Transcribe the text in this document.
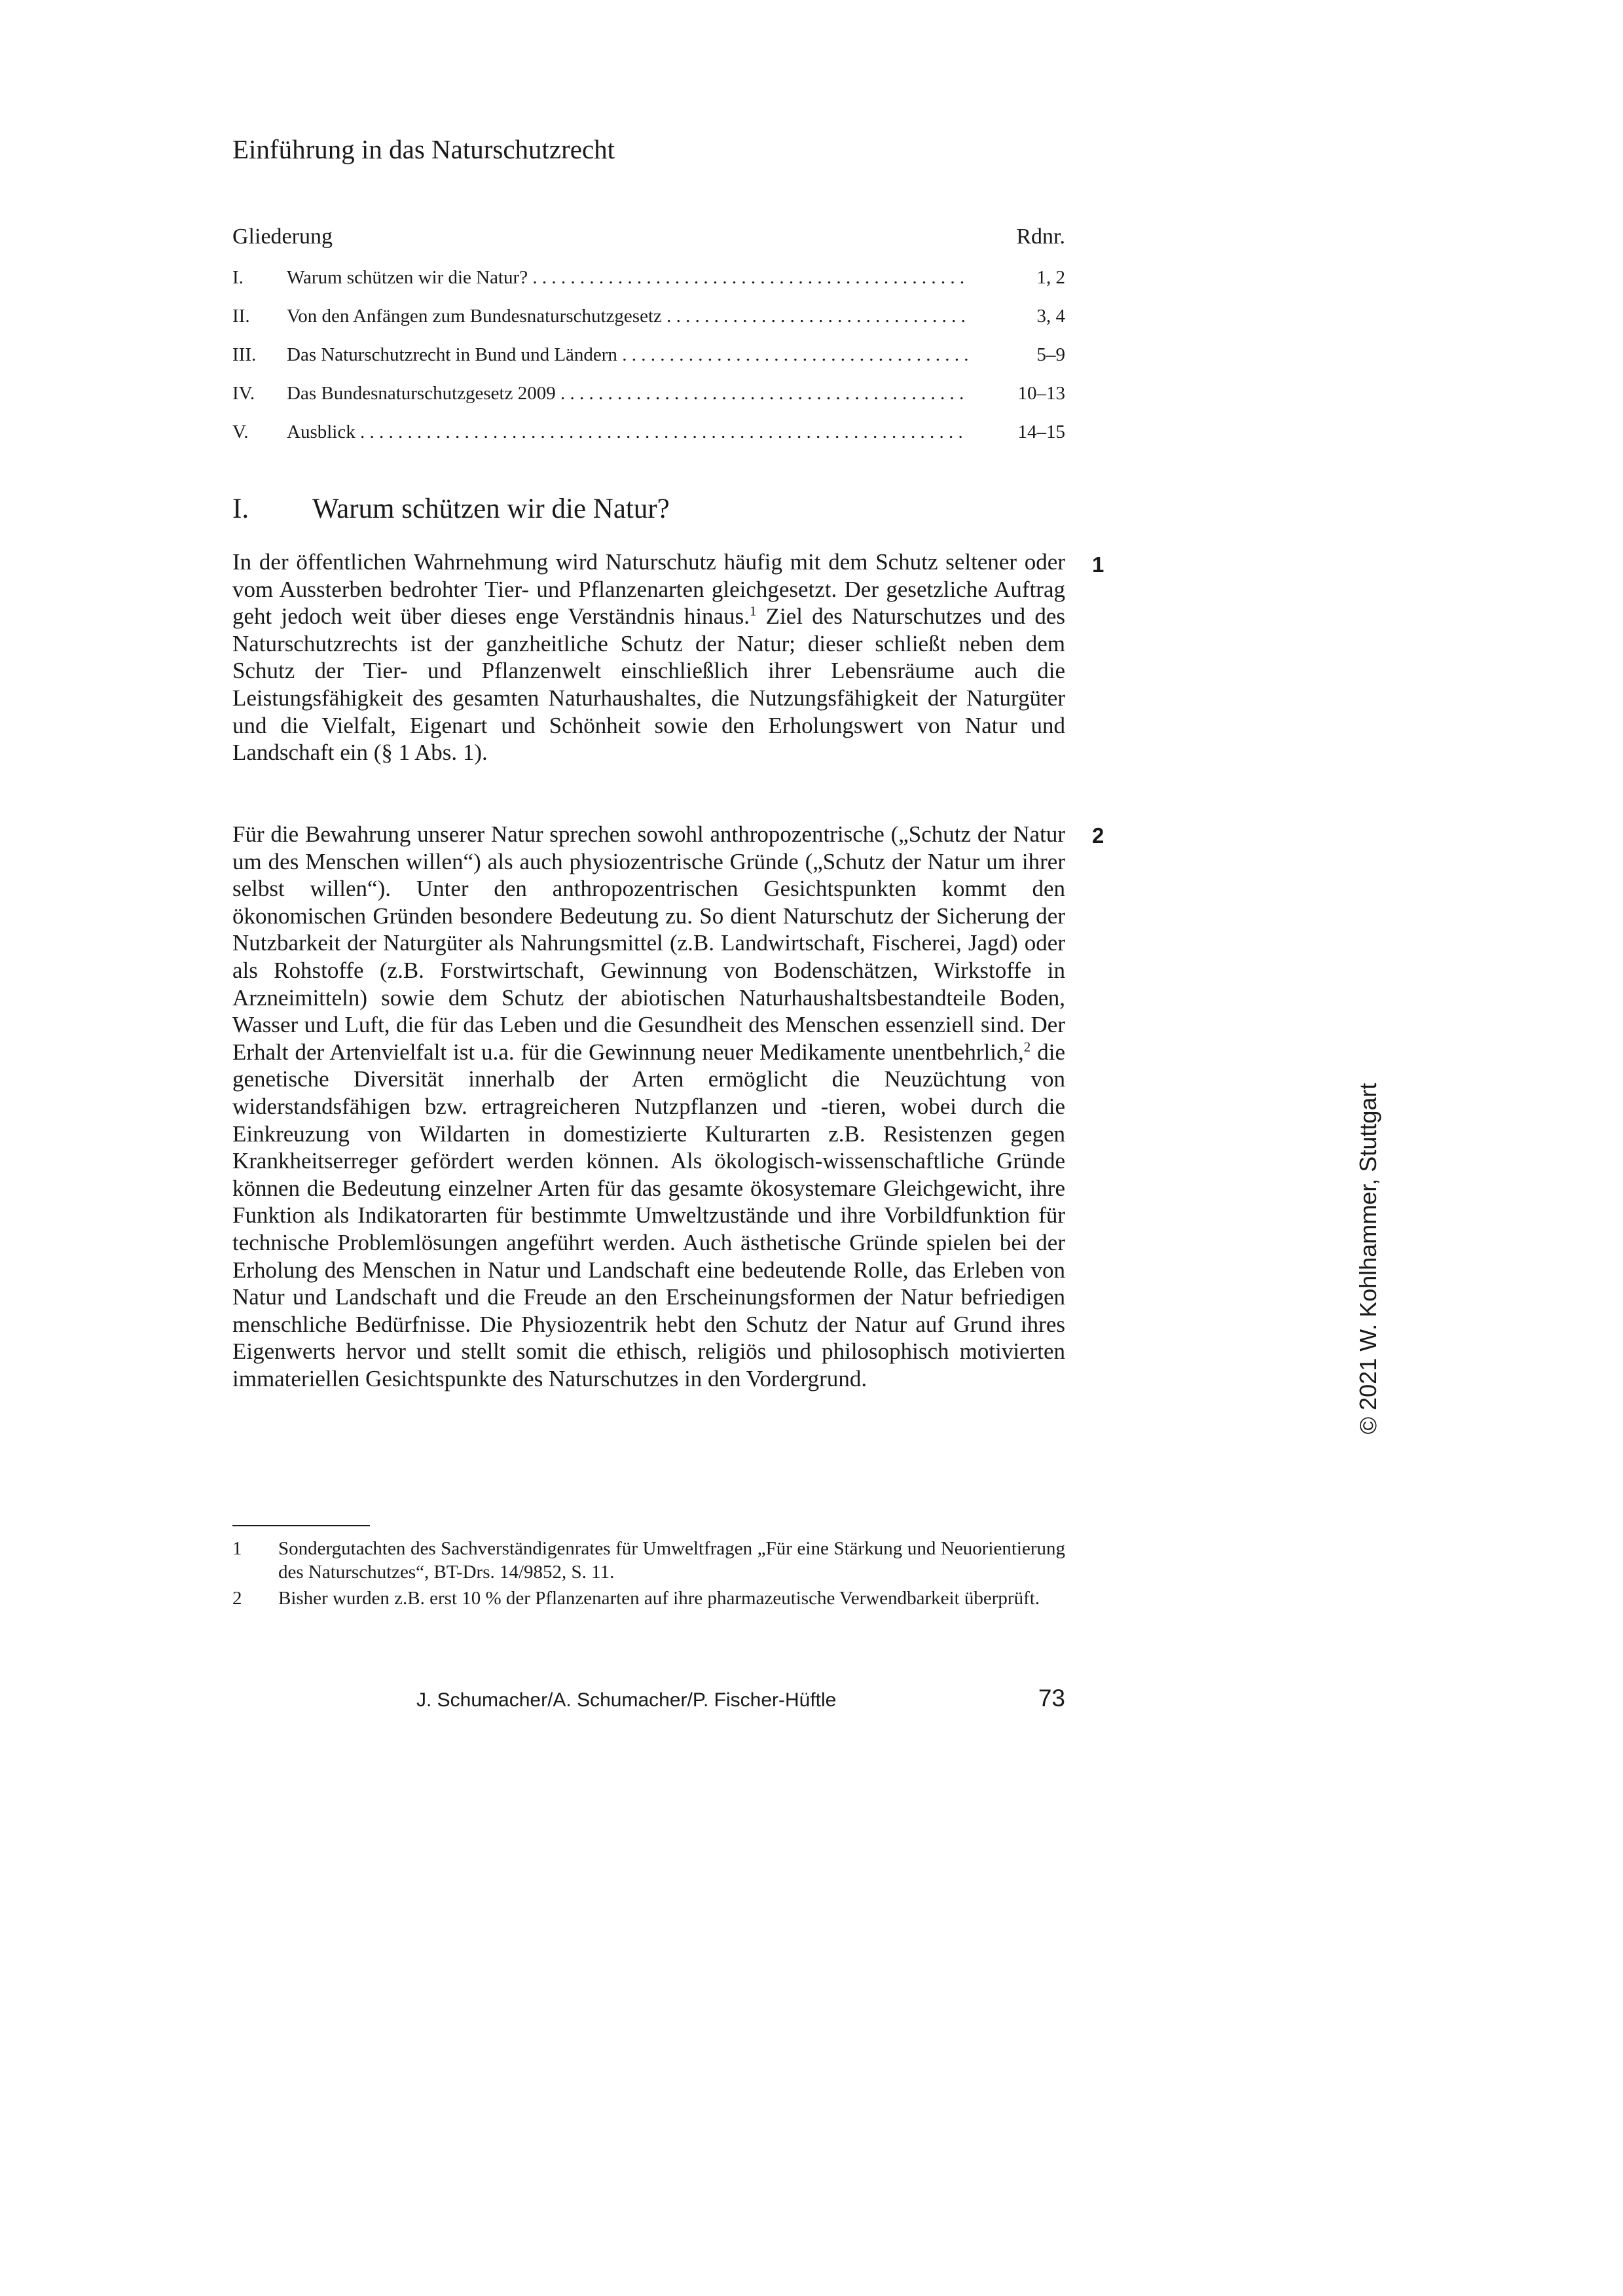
Einführung in das Naturschutzrecht
Gliederung	Rdnr.
I.	Warum schützen wir die Natur? . . .	1, 2
II.	Von den Anfängen zum Bundesnaturschutzgesetz . . .	3, 4
III.	Das Naturschutzrecht in Bund und Ländern . . .	5–9
IV.	Das Bundesnaturschutzgesetz 2009 . . .	10–13
V.	Ausblick . . .	14–15
I. Warum schützen wir die Natur?

In der öffentlichen Wahrnehmung wird Naturschutz häufig mit dem Schutz seltener oder vom Aussterben bedrohter Tier- und Pflanzenarten gleichgesetzt. Der gesetzliche Auftrag geht jedoch weit über dieses enge Verständnis hinaus.$^1$ Ziel des Naturschutzes und des Naturschutzrechts ist der ganzheitliche Schutz der Natur; dieser schließt neben dem Schutz der Tier- und Pflanzenwelt einschließlich ihrer Lebensräume auch die Leistungsfähigkeit des gesamten Naturhaushaltes, die Nutzungsfähigkeit der Naturgüter und die Vielfalt, Eigenart und Schönheit sowie den Erholungswert von Natur und Landschaft ein (§ 1 Abs. 1).

1

Für die Bewahrung unserer Natur sprechen sowohl anthropozentrische („Schutz der Natur um des Menschen willen“) als auch physiozentrische Gründe („Schutz der Natur um ihrer selbst willen“). Unter den anthropozentrischen Gesichtspunkten kommt den ökonomischen Gründen besondere Bedeutung zu. So dient Naturschutz der Sicherung der Nutzbarkeit der Naturgüter als Nahrungsmittel (z.B. Landwirtschaft, Fischerei, Jagd) oder als Rohstoffe (z.B. Forstwirtschaft, Gewinnung von Bodenschätzen, Wirkstoffe in Arzneimitteln) sowie dem Schutz der abiotischen Naturhaushaltsbestandteile Boden, Wasser und Luft, die für das Leben und die Gesundheit des Menschen essenziell sind. Der Erhalt der Artenvielfalt ist u.a. für die Gewinnung neuer Medikamente unentbehrlich,$^2$ die genetische Diversität innerhalb der Arten ermöglicht die Neuzüchtung von widerstandsfähigen bzw. ertragreicheren Nutzpflanzen und -tieren, wobei durch die Einkreuzung von Wildarten in domestizierte Kulturarten z.B. Resistenzen gegen Krankheitserreger gefördert werden können. Als ökologisch-wissenschaftliche Gründe können die Bedeutung einzelner Arten für das gesamte ökosystemare Gleichgewicht, ihre Funktion als Indikatorarten für bestimmte Umweltzustände und ihre Vorbildfunktion für technische Problemlösungen angeführt werden. Auch ästhetische Gründe spielen bei der Erholung des Menschen in Natur und Landschaft eine bedeutende Rolle, das Erleben von Natur und Landschaft und die Freude an den Erscheinungsformen der Natur befriedigen menschliche Bedürfnisse. Die Physiozentrik hebt den Schutz der Natur auf Grund ihres Eigenwerts hervor und stellt somit die ethisch, religiös und philosophisch motivierten immateriellen Gesichtspunkte des Naturschutzes in den Vordergrund.

2
1 Sondergutachten des Sachverständigenrates für Umweltfragen „Für eine Stärkung und Neuorientierung des Naturschutzes“, BT-Drs. 14/9852, S. 11.
2 Bisher wurden z.B. erst 10 % der Pflanzenarten auf ihre pharmazeutische Verwendbarkeit überprüft.
J. Schumacher/A. Schumacher/P. Fischer-Hüftle	73
© 2021 W. Kohlhammer, Stuttgart
